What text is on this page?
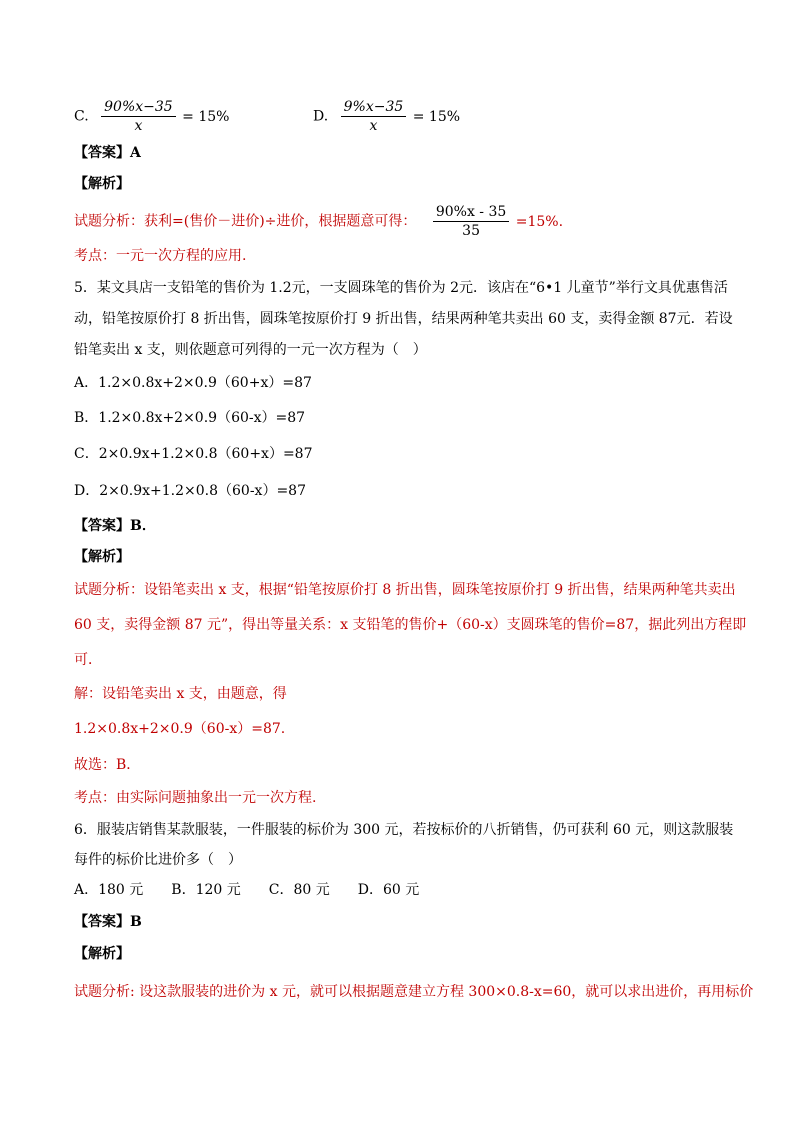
C. $\frac{90\%x-35}{x} = 15\%$	D. $\frac{9\%x-35}{x} = 15\%$
【答案】A
【解析】
试题分析：获利=(售价－进价)÷进价，根据题意可得： $\frac{90\%x - 35}{35} =15\%$.
考点：一元一次方程的应用.
5．某文具店一支铅笔的售价为 1.2元，一支圆珠笔的售价为 2元．该店在“6•1 儿童节”举行文具优惠售活
动，铅笔按原价打 8 折出售，圆珠笔按原价打 9 折出售，结果两种笔共卖出 60 支，卖得金额 87元．若设
铅笔卖出 x 支，则依题意可列得的一元一次方程为（　）
A．1.2×0.8x+2×0.9（60+x）=87
B．1.2×0.8x+2×0.9（60-x）=87
C．2×0.9x+1.2×0.8（60+x）=87
D．2×0.9x+1.2×0.8（60-x）=87
【答案】B．
【解析】
试题分析：设铅笔卖出 x 支，根据“铅笔按原价打 8 折出售，圆珠笔按原价打 9 折出售，结果两种笔共卖出
60 支，卖得金额 87 元”，得出等量关系：x 支铅笔的售价+（60-x）支圆珠笔的售价=87，据此列出方程即
可．
解：设铅笔卖出 x 支，由题意，得
1.2×0.8x+2×0.9（60-x）=87.
故选：B．
考点：由实际问题抽象出一元一次方程.
6．服装店销售某款服装，一件服装的标价为 300 元，若按标价的八折销售，仍可获利 60 元，则这款服装
每件的标价比进价多（　）
A．180 元　　B．120 元　　C．80 元　　D．60 元
【答案】B
【解析】
试题分析: 设这款服装的进价为 x 元，就可以根据题意建立方程 300×0.8-x=60，就可以求出进价，再用标价
